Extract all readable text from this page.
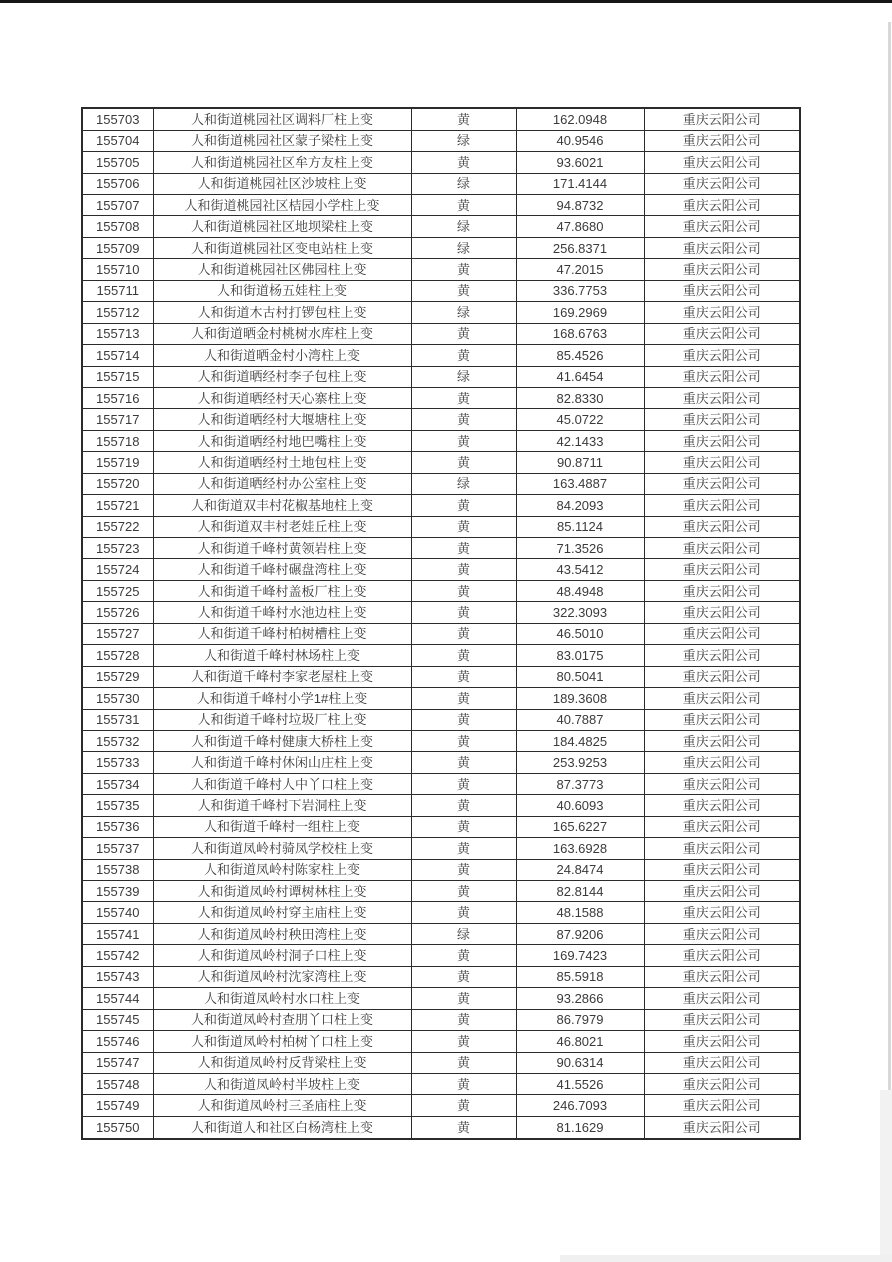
155703	人和街道桃园社区调料厂柱上变	黄	162.0948	重庆云阳公司
155704	人和街道桃园社区蒙子梁柱上变	绿	40.9546	重庆云阳公司
155705	人和街道桃园社区牟方友柱上变	黄	93.6021	重庆云阳公司
155706	人和街道桃园社区沙坡柱上变	绿	171.4144	重庆云阳公司
155707	人和街道桃园社区桔园小学柱上变	黄	94.8732	重庆云阳公司
155708	人和街道桃园社区地坝梁柱上变	绿	47.8680	重庆云阳公司
155709	人和街道桃园社区变电站柱上变	绿	256.8371	重庆云阳公司
155710	人和街道桃园社区佛园柱上变	黄	47.2015	重庆云阳公司
155711	人和街道杨五娃柱上变	黄	336.7753	重庆云阳公司
155712	人和街道木古村打锣包柱上变	绿	169.2969	重庆云阳公司
155713	人和街道晒金村桃树水库柱上变	黄	168.6763	重庆云阳公司
155714	人和街道晒金村小湾柱上变	黄	85.4526	重庆云阳公司
155715	人和街道晒经村李子包柱上变	绿	41.6454	重庆云阳公司
155716	人和街道晒经村天心寨柱上变	黄	82.8330	重庆云阳公司
155717	人和街道晒经村大堰塘柱上变	黄	45.0722	重庆云阳公司
155718	人和街道晒经村地巴嘴柱上变	黄	42.1433	重庆云阳公司
155719	人和街道晒经村土地包柱上变	黄	90.8711	重庆云阳公司
155720	人和街道晒经村办公室柱上变	绿	163.4887	重庆云阳公司
155721	人和街道双丰村花椒基地柱上变	黄	84.2093	重庆云阳公司
155722	人和街道双丰村老娃丘柱上变	黄	85.1124	重庆云阳公司
155723	人和街道千峰村黄领岩柱上变	黄	71.3526	重庆云阳公司
155724	人和街道千峰村碾盘湾柱上变	黄	43.5412	重庆云阳公司
155725	人和街道千峰村盖板厂柱上变	黄	48.4948	重庆云阳公司
155726	人和街道千峰村水池边柱上变	黄	322.3093	重庆云阳公司
155727	人和街道千峰村柏树槽柱上变	黄	46.5010	重庆云阳公司
155728	人和街道千峰村林场柱上变	黄	83.0175	重庆云阳公司
155729	人和街道千峰村李家老屋柱上变	黄	80.5041	重庆云阳公司
155730	人和街道千峰村小学1#柱上变	黄	189.3608	重庆云阳公司
155731	人和街道千峰村垃圾厂柱上变	黄	40.7887	重庆云阳公司
155732	人和街道千峰村健康大桥柱上变	黄	184.4825	重庆云阳公司
155733	人和街道千峰村休闲山庄柱上变	黄	253.9253	重庆云阳公司
155734	人和街道千峰村人中丫口柱上变	黄	87.3773	重庆云阳公司
155735	人和街道千峰村下岩洞柱上变	黄	40.6093	重庆云阳公司
155736	人和街道千峰村一组柱上变	黄	165.6227	重庆云阳公司
155737	人和街道凤岭村骑凤学校柱上变	黄	163.6928	重庆云阳公司
155738	人和街道凤岭村陈家柱上变	黄	24.8474	重庆云阳公司
155739	人和街道凤岭村谭树林柱上变	黄	82.8144	重庆云阳公司
155740	人和街道凤岭村穿主庙柱上变	黄	48.1588	重庆云阳公司
155741	人和街道凤岭村秧田湾柱上变	绿	87.9206	重庆云阳公司
155742	人和街道凤岭村洞子口柱上变	黄	169.7423	重庆云阳公司
155743	人和街道凤岭村沈家湾柱上变	黄	85.5918	重庆云阳公司
155744	人和街道凤岭村水口柱上变	黄	93.2866	重庆云阳公司
155745	人和街道凤岭村查朋丫口柱上变	黄	86.7979	重庆云阳公司
155746	人和街道凤岭村柏树丫口柱上变	黄	46.8021	重庆云阳公司
155747	人和街道凤岭村反背梁柱上变	黄	90.6314	重庆云阳公司
155748	人和街道凤岭村半坡柱上变	黄	41.5526	重庆云阳公司
155749	人和街道凤岭村三圣庙柱上变	黄	246.7093	重庆云阳公司
155750	人和街道人和社区白杨湾柱上变	黄	81.1629	重庆云阳公司
